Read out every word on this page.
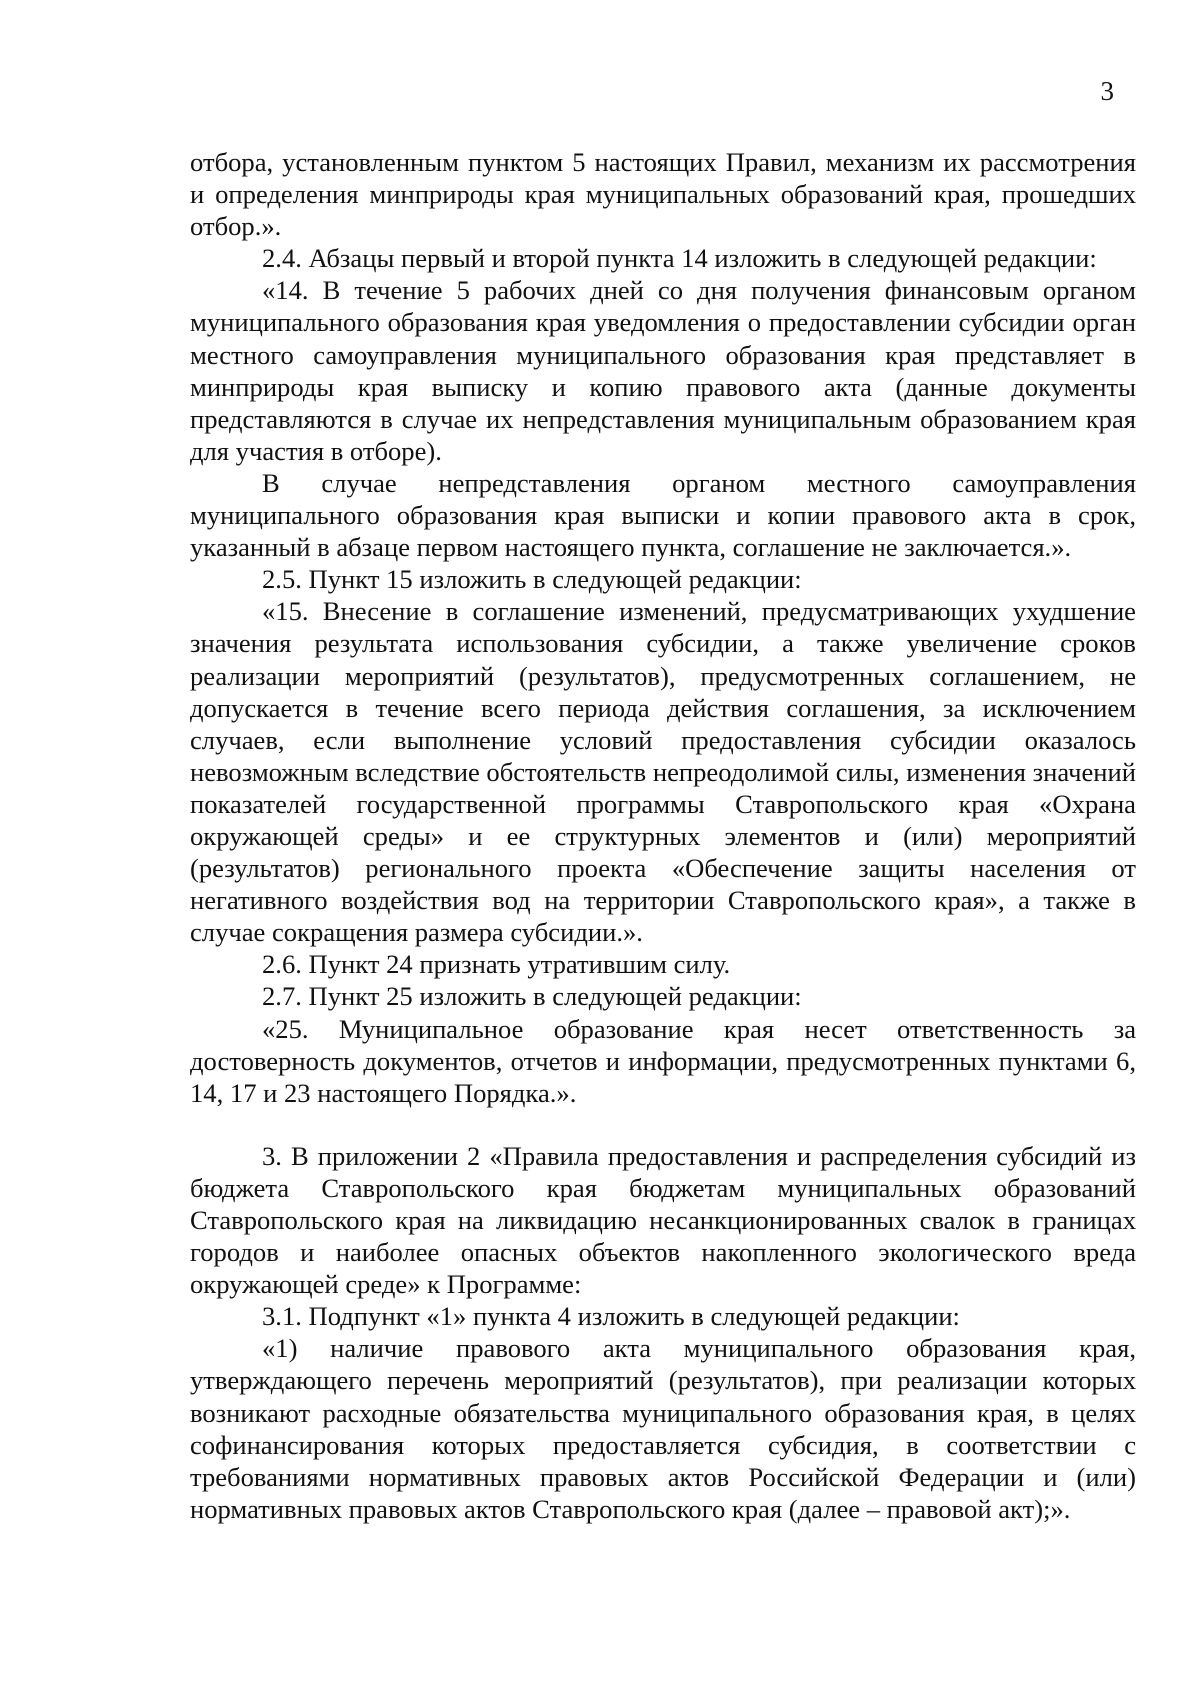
3

отбора, установленным пунктом 5 настоящих Правил, механизм их рассмотрения и определения минприроды края муниципальных образований края, прошедших отбор.».

2.4. Абзацы первый и второй пункта 14 изложить в следующей редакции:

«14. В течение 5 рабочих дней со дня получения финансовым органом муниципального образования края уведомления о предоставлении субсидии орган местного самоуправления муниципального образования края представляет в минприроды края выписку и копию правового акта (данные документы представляются в случае их непредставления муниципальным образованием края для участия в отборе).

В случае непредставления органом местного самоуправления муниципального образования края выписки и копии правового акта в срок, указанный в абзаце первом настоящего пункта, соглашение не заключается.».

2.5. Пункт 15 изложить в следующей редакции:

«15. Внесение в соглашение изменений, предусматривающих ухудшение значения результата использования субсидии, а также увеличение сроков реализации мероприятий (результатов), предусмотренных соглашением, не допускается в течение всего периода действия соглашения, за исключением случаев, если выполнение условий предоставления субсидии оказалось невозможным вследствие обстоятельств непреодолимой силы, изменения значений показателей государственной программы Ставропольского края «Охрана окружающей среды» и ее структурных элементов и (или) мероприятий (результатов) регионального проекта «Обеспечение защиты населения от негативного воздействия вод на территории Ставропольского края», а также в случае сокращения размера субсидии.».

2.6. Пункт 24 признать утратившим силу.

2.7. Пункт 25 изложить в следующей редакции:

«25. Муниципальное образование края несет ответственность за достоверность документов, отчетов и информации, предусмотренных пунктами 6, 14, 17 и 23 настоящего Порядка.».

3. В приложении 2 «Правила предоставления и распределения субсидий из бюджета Ставропольского края бюджетам муниципальных образований Ставропольского края на ликвидацию несанкционированных свалок в границах городов и наиболее опасных объектов накопленного экологического вреда окружающей среде» к Программе:

3.1. Подпункт «1» пункта 4 изложить в следующей редакции:

«1) наличие правового акта муниципального образования края, утверждающего перечень мероприятий (результатов), при реализации которых возникают расходные обязательства муниципального образования края, в целях софинансирования которых предоставляется субсидия, в соответствии с требованиями нормативных правовых актов Российской Федерации и (или) нормативных правовых актов Ставропольского края (далее – правовой акт);».
